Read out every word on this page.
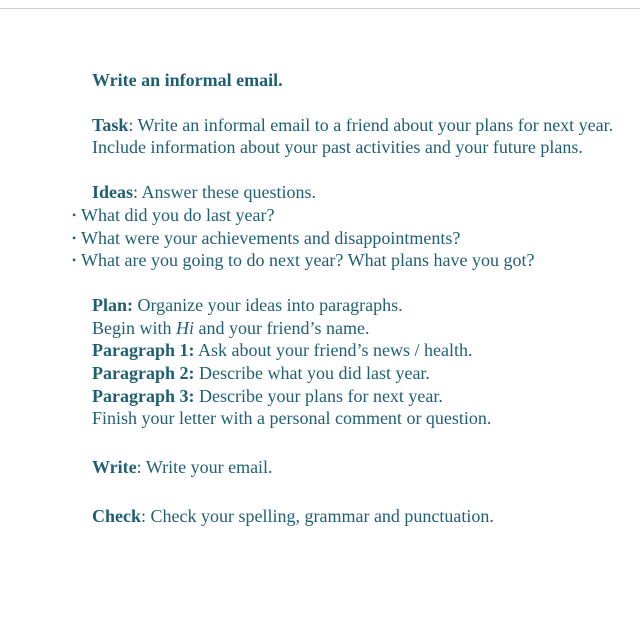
Write an informal email.

Task: Write an informal email to a friend about your plans for next year. Include information about your past activities and your future plans.

Ideas: Answer these questions.

• What did you do last year?
• What were your achievements and disappointments?
• What are you going to do next year? What plans have you got?

Plan: Organize your ideas into paragraphs.

Begin with Hi and your friend’s name.

Paragraph 1: Ask about your friend’s news / health.

Paragraph 2: Describe what you did last year.

Paragraph 3: Describe your plans for next year.

Finish your letter with a personal comment or question.

Write: Write your email.

Check: Check your spelling, grammar and punctuation.
